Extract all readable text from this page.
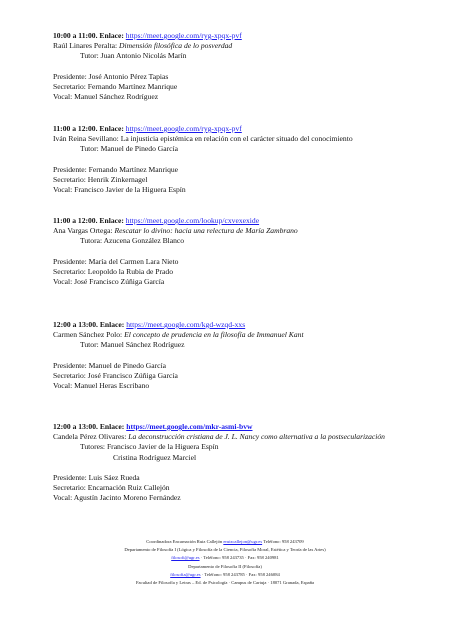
10:00 a 11:00. Enlace: https://meet.google.com/ryg-xpqx-pvf
Raúl Linares Peralta: Dimensión filosófica de lo posverdad
Tutor: Juan Antonio Nicolás Marín
Presidente: José Antonio Pérez Tapias
Secretario: Fernando Martínez Manrique
Vocal: Manuel Sánchez Rodríguez
11:00 a 12:00. Enlace: https://meet.google.com/ryg-xpqx-pvf
Iván Reina Sevillano: La injusticia epistémica en relación con el carácter situado del conocimiento
Tutor: Manuel de Pinedo García
Presidente: Fernando Martínez Manrique
Secretario: Henrik Zinkernagel
Vocal: Francisco Javier de la Higuera Espín
11:00 a 12:00. Enlace: https://meet.google.com/lookup/cxvexexide
Ana Vargas Ortega: Rescatar lo divino: hacia una relectura de María Zambrano
Tutora: Azucena González Blanco
Presidente: María del Carmen Lara Nieto
Secretario: Leopoldo la Rubia de Prado
Vocal: José Francisco Zúñiga García
12:00 a 13:00. Enlace: https://meet.google.com/kgd-wzqd-xxs
Carmen Sánchez Polo: El concepto de prudencia en la filosofía de Immanuel Kant
Tutor: Manuel Sánchez Rodríguez
Presidente: Manuel de Pinedo García
Secretario: José Francisco Zúñiga García
Vocal: Manuel Heras Escribano
12:00 a 13:00. Enlace: https://meet.google.com/mkr-asmi-bvw
Candela Pérez Olivares: La deconstrucción cristiana de J. L. Nancy como alternativa a la postsecularización
Tutores: Francisco Javier de la Higuera Espín
Cristina Rodríguez Marciel
Presidente: Luis Sáez Rueda
Secretario: Encarnación Ruiz Callejón
Vocal: Agustín Jacinto Moreno Fernández
Coordinadora Encarnación Ruiz Callejón eruizcallejon@ugr.es Teléfono: 958 243709
Departamento de Filosofía I (Lógica y Filosofía de la Ciencia, Filosofía Moral, Estética y Teoría de las Artes)
filosofi@ugr.es · Teléfono: 958 243735 · Fax: 958 240981
Departamento de Filosofía II (Filosofía)
filosofia@ugr.es · Teléfono: 958 243785 · Fax: 958 246084
Facultad de Filosofía y Letras – Ed. de Psicología · Campus de Cartuja · 18071 Granada, España
